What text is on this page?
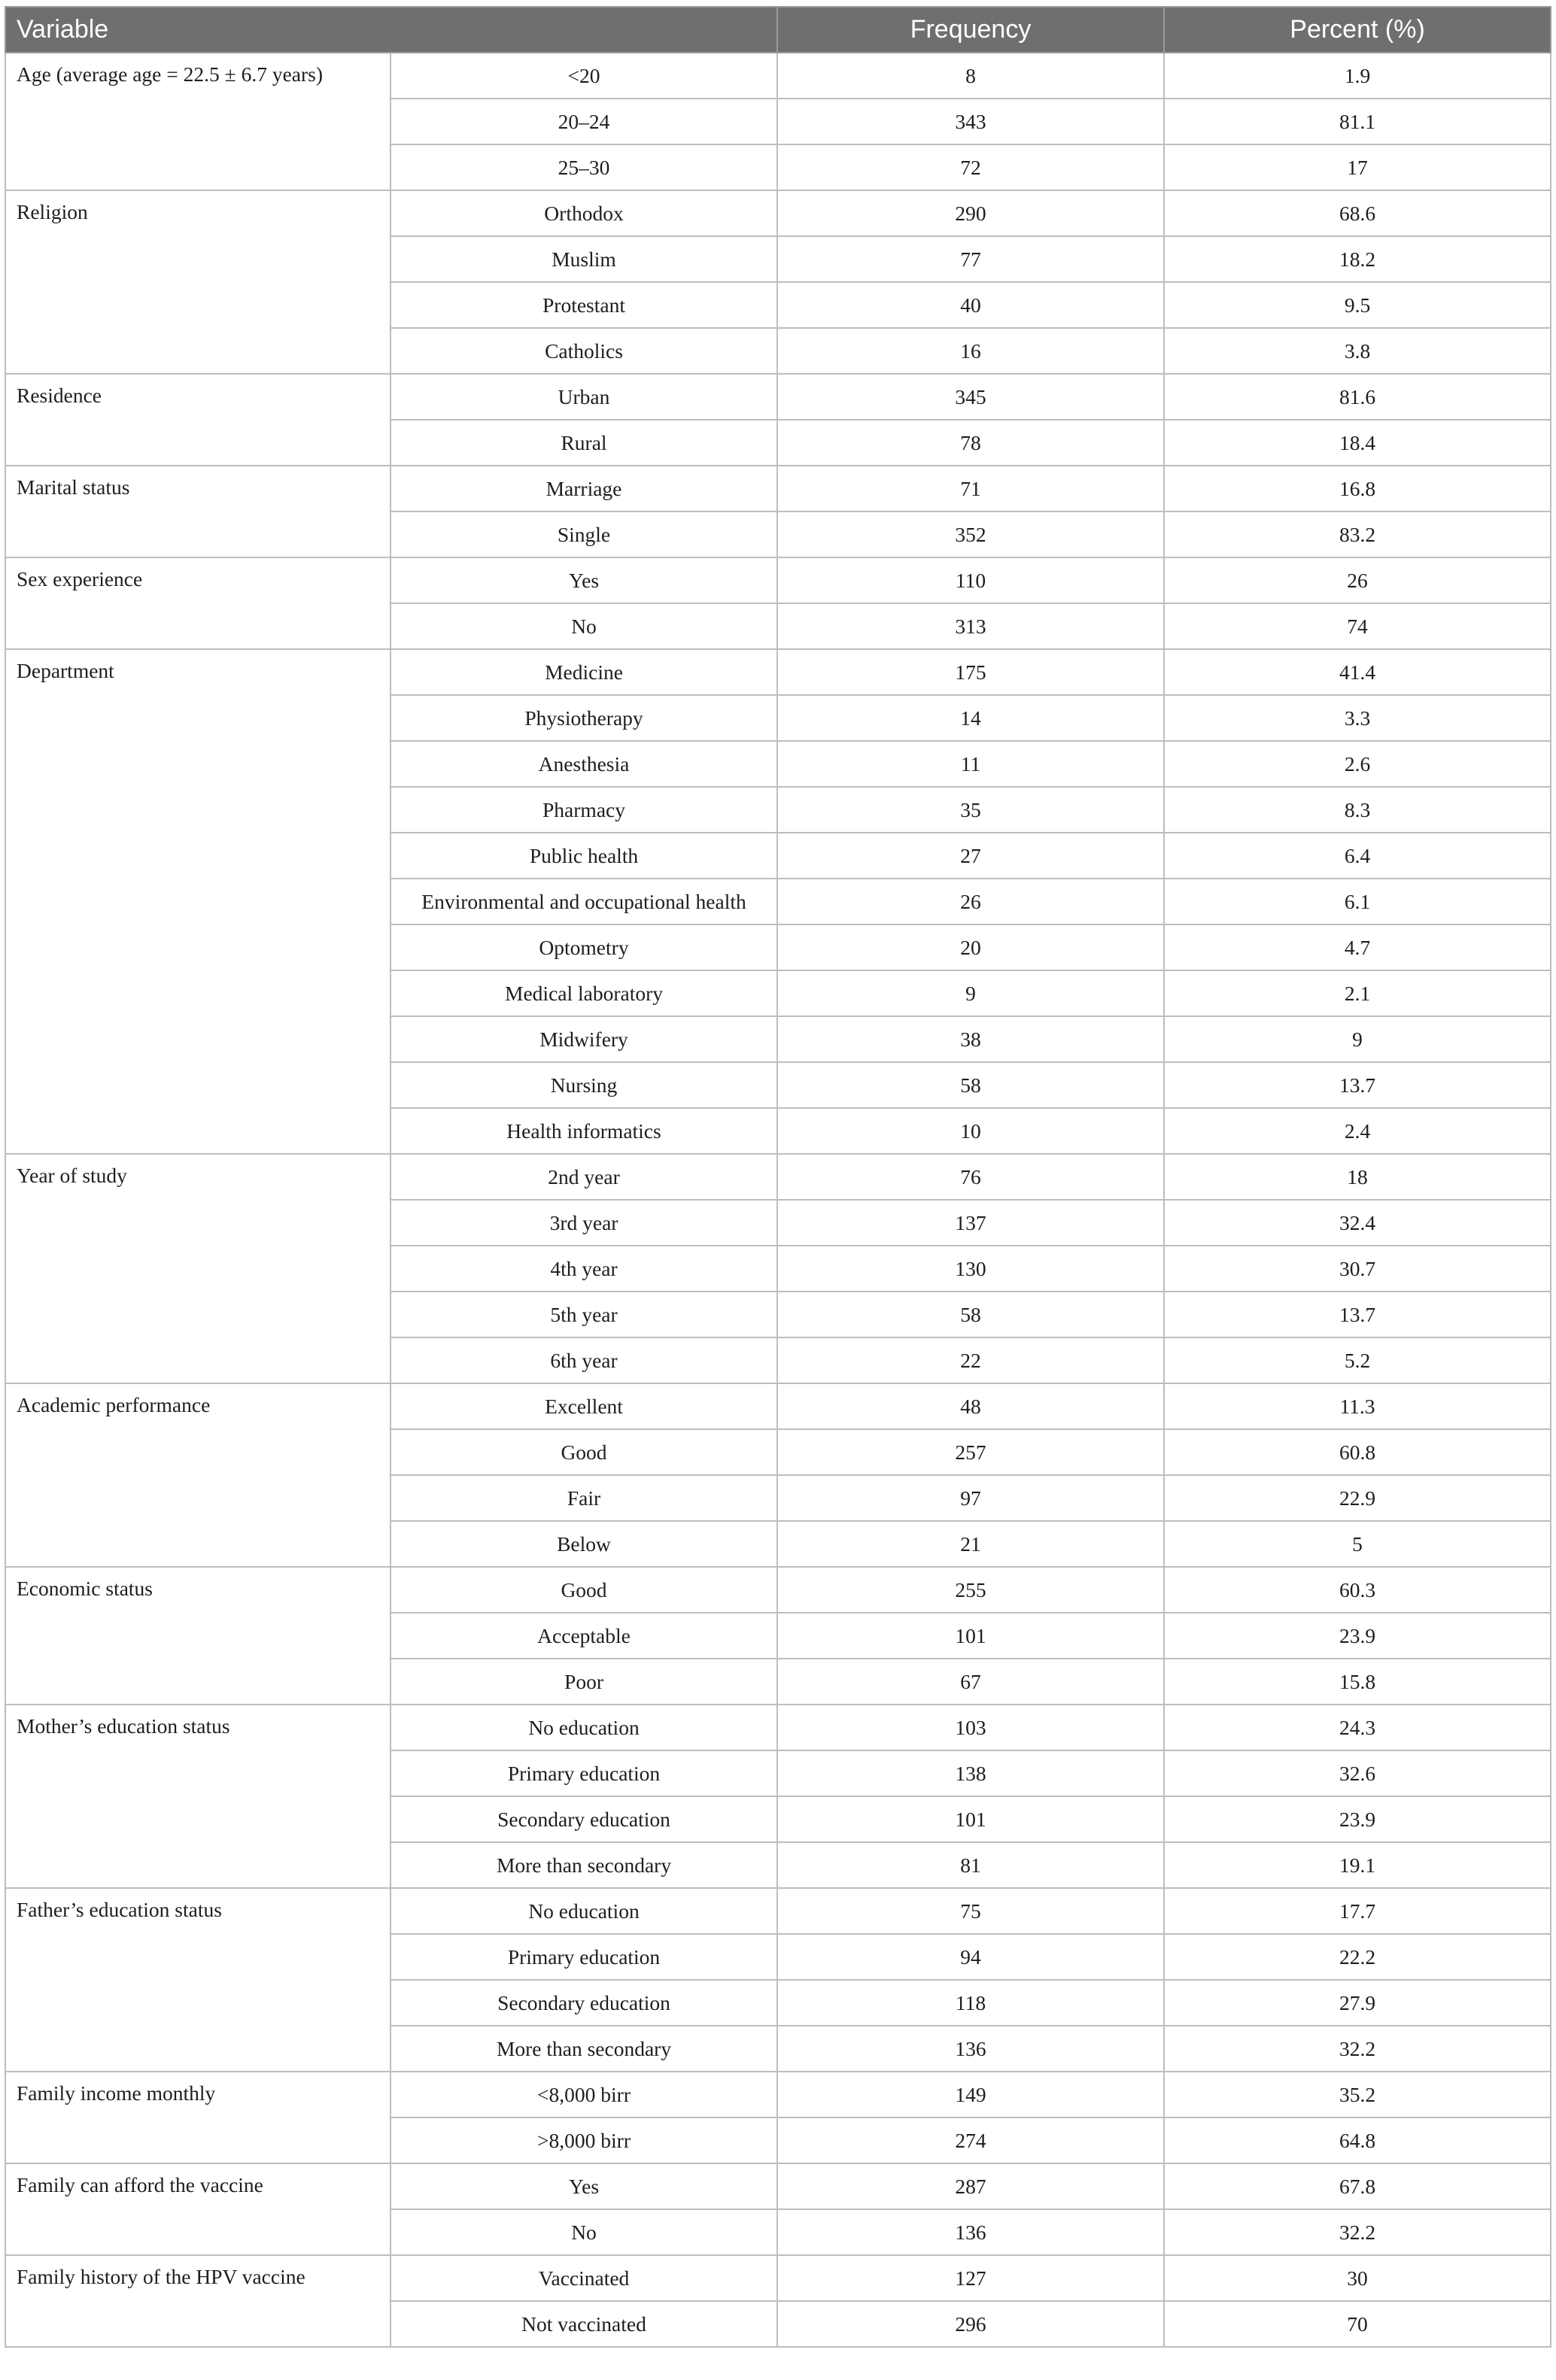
Variable		Frequency	Percent (%)
Age (average age = 22.5 ± 6.7 years)	<20	8	1.9
	20–24	343	81.1
	25–30	72	17
Religion	Orthodox	290	68.6
	Muslim	77	18.2
	Protestant	40	9.5
	Catholics	16	3.8
Residence	Urban	345	81.6
	Rural	78	18.4
Marital status	Marriage	71	16.8
	Single	352	83.2
Sex experience	Yes	110	26
	No	313	74
Department	Medicine	175	41.4
	Physiotherapy	14	3.3
	Anesthesia	11	2.6
	Pharmacy	35	8.3
	Public health	27	6.4
	Environmental and occupational health	26	6.1
	Optometry	20	4.7
	Medical laboratory	9	2.1
	Midwifery	38	9
	Nursing	58	13.7
	Health informatics	10	2.4
Year of study	2nd year	76	18
	3rd year	137	32.4
	4th year	130	30.7
	5th year	58	13.7
	6th year	22	5.2
Academic performance	Excellent	48	11.3
	Good	257	60.8
	Fair	97	22.9
	Below	21	5
Economic status	Good	255	60.3
	Acceptable	101	23.9
	Poor	67	15.8
Mother’s education status	No education	103	24.3
	Primary education	138	32.6
	Secondary education	101	23.9
	More than secondary	81	19.1
Father’s education status	No education	75	17.7
	Primary education	94	22.2
	Secondary education	118	27.9
	More than secondary	136	32.2
Family income monthly	<8,000 birr	149	35.2
	>8,000 birr	274	64.8
Family can afford the vaccine	Yes	287	67.8
	No	136	32.2
Family history of the HPV vaccine	Vaccinated	127	30
	Not vaccinated	296	70
